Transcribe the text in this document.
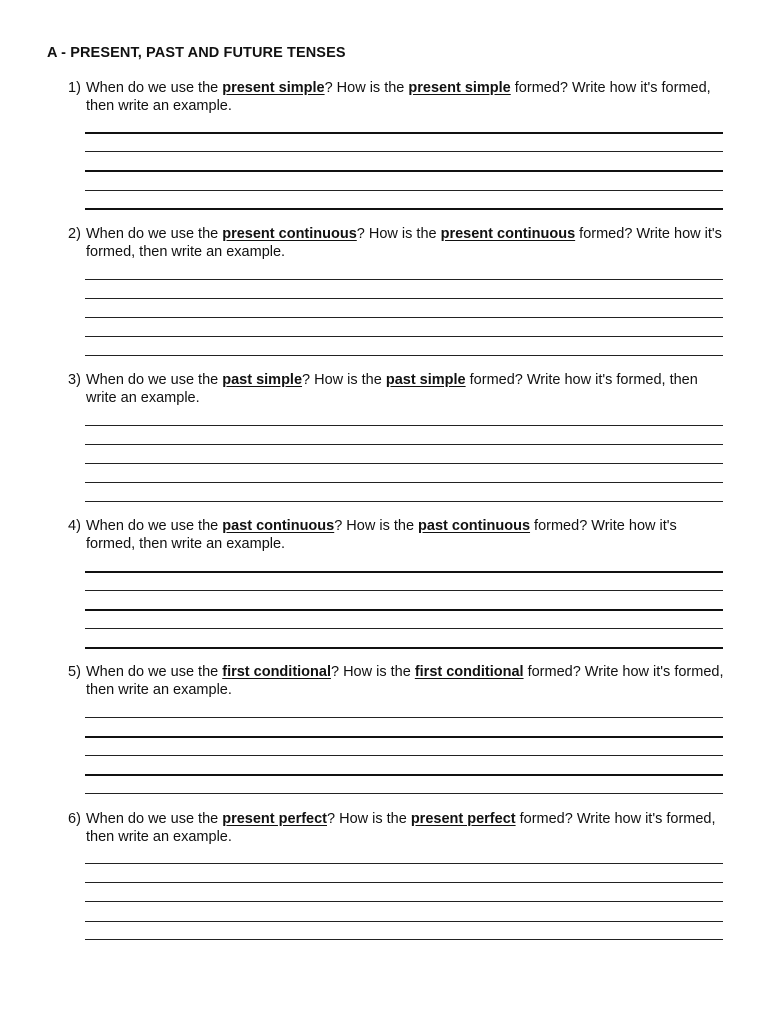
A - PRESENT, PAST AND FUTURE TENSES
1) When do we use the present simple? How is the present simple formed? Write how it's formed, then write an example.
2) When do we use the present continuous? How is the present continuous formed? Write how it's formed, then write an example.
3) When do we use the past simple? How is the past simple formed? Write how it's formed, then write an example.
4) When do we use the past continuous? How is the past continuous formed? Write how it's formed, then write an example.
5) When do we use the first conditional? How is the first conditional formed? Write how it's formed, then write an example.
6) When do we use the present perfect? How is the present perfect formed? Write how it's formed, then write an example.
